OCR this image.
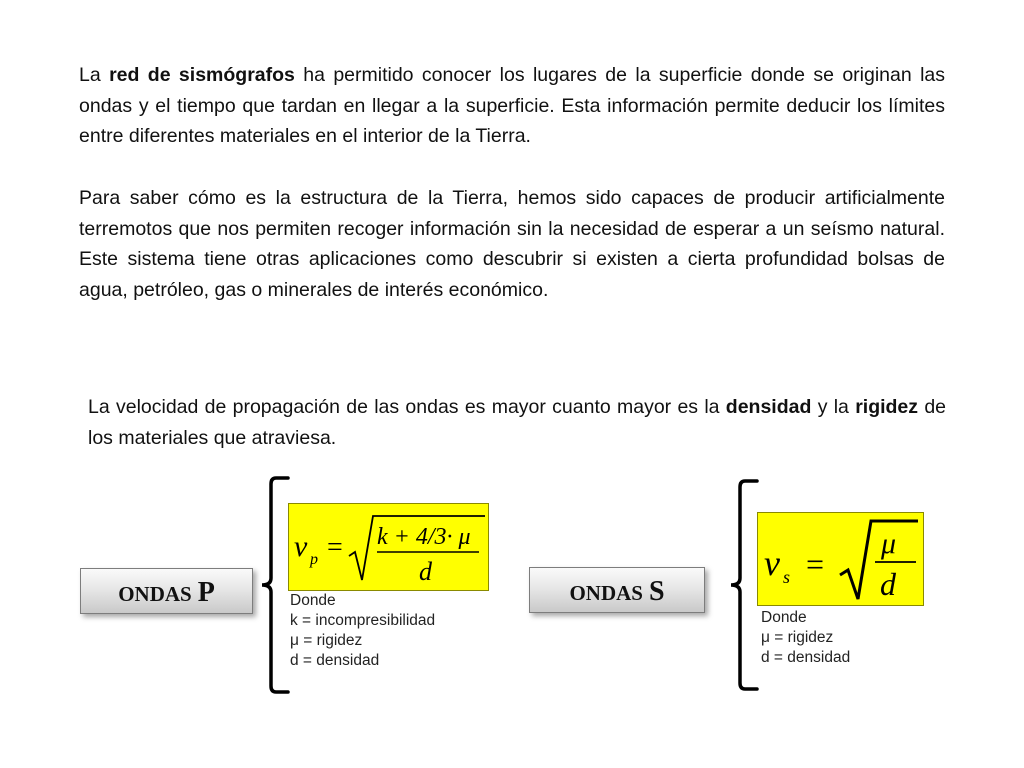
La red de sismógrafos ha permitido conocer los lugares de la superficie donde se originan las ondas y el tiempo que tardan en llegar a la superficie. Esta información permite deducir los límites entre diferentes materiales en el interior de la Tierra.
Para saber cómo es la estructura de la Tierra, hemos sido capaces de producir artificialmente terremotos que nos permiten recoger información sin la necesidad de esperar a un seísmo natural. Este sistema tiene otras aplicaciones como descubrir si existen a cierta profundidad bolsas de agua, petróleo, gas o minerales de interés económico.
La velocidad de propagación de las ondas es mayor cuanto mayor es la densidad y la rigidez de los materiales que atraviesa.
ONDAS P
v p = k + 4/3· μ
d
Donde
k = incompresibilidad
μ = rigidez
d = densidad
ONDAS S
v s =
μ
d
Donde
μ = rigidez
d = densidad
